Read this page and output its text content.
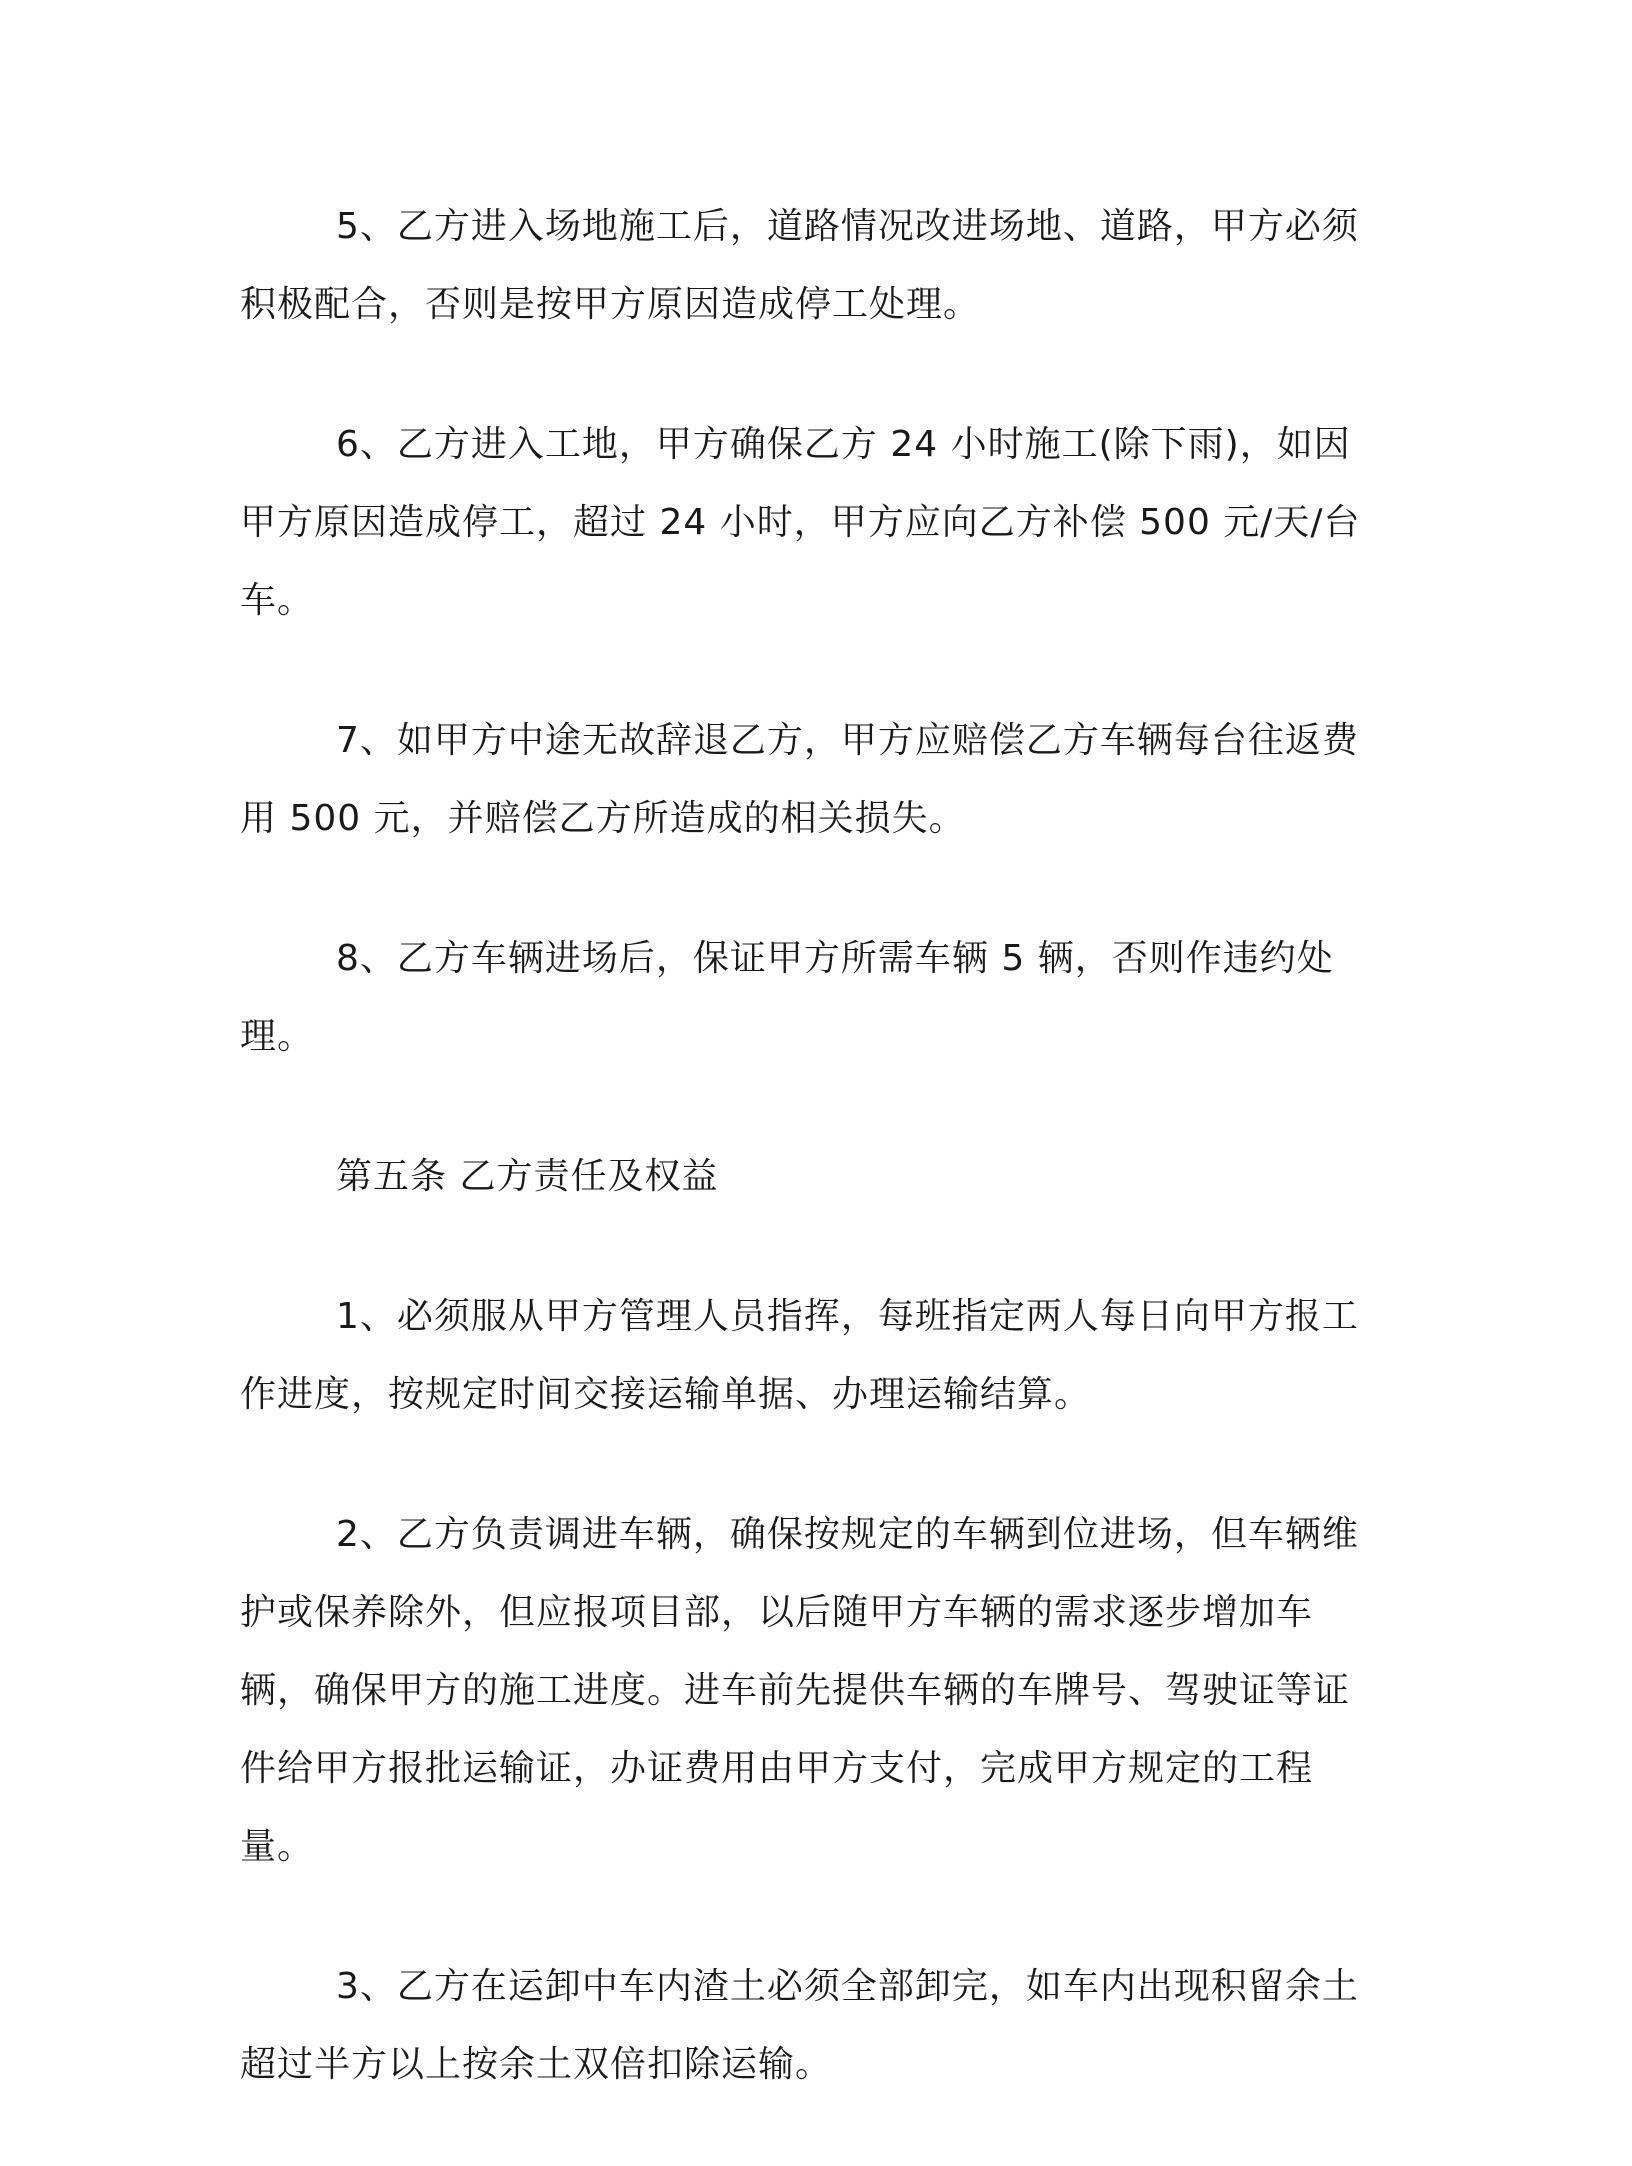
5、乙方进入场地施工后，道路情况改进场地、道路，甲方必须积极配合，否则是按甲方原因造成停工处理。

6、乙方进入工地，甲方确保乙方 24 小时施工(除下雨)，如因甲方原因造成停工，超过 24 小时，甲方应向乙方补偿 500 元/天/台车。

7、如甲方中途无故辞退乙方，甲方应赔偿乙方车辆每台往返费用 500 元，并赔偿乙方所造成的相关损失。

8、乙方车辆进场后，保证甲方所需车辆 5 辆，否则作违约处理。

第五条 乙方责任及权益

1、必须服从甲方管理人员指挥，每班指定两人每日向甲方报工作进度，按规定时间交接运输单据、办理运输结算。

2、乙方负责调进车辆，确保按规定的车辆到位进场，但车辆维护或保养除外，但应报项目部，以后随甲方车辆的需求逐步增加车辆，确保甲方的施工进度。进车前先提供车辆的车牌号、驾驶证等证件给甲方报批运输证，办证费用由甲方支付，完成甲方规定的工程量。

3、乙方在运卸中车内渣土必须全部卸完，如车内出现积留余土超过半方以上按余土双倍扣除运输。
